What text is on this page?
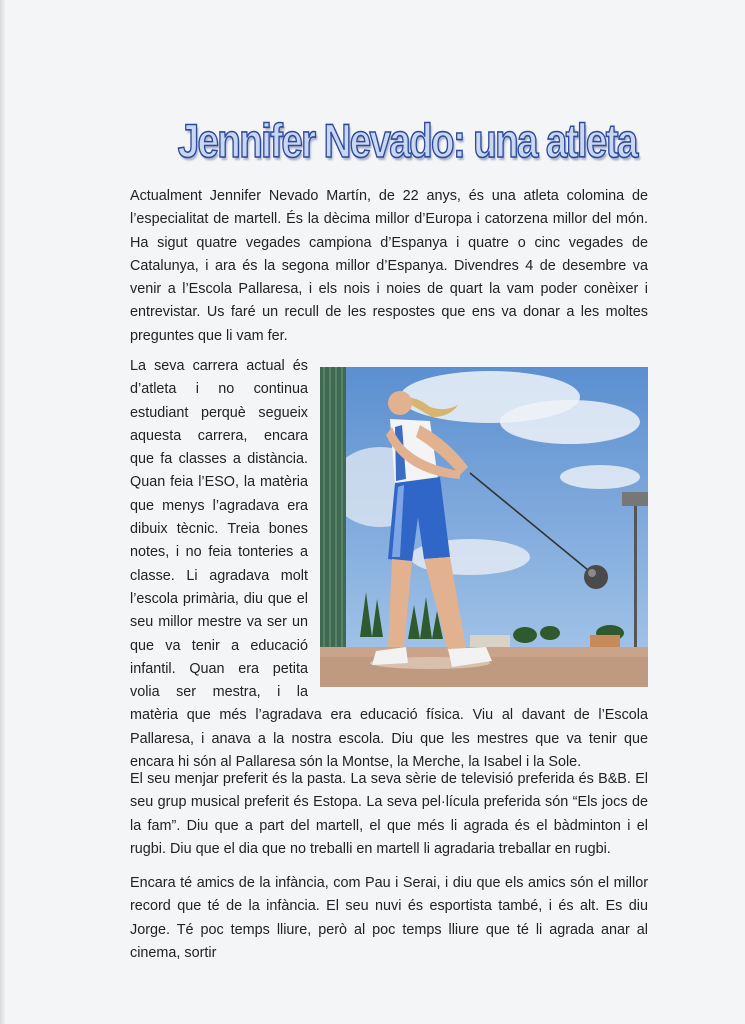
Jennifer Nevado: una atleta

Actualment Jennifer Nevado Martín, de 22 anys, és una atleta colomina de l’especialitat de martell. És la dècima millor d’Europa i catorzena millor del món. Ha sigut quatre vegades campiona d’Espanya i quatre o cinc vegades de Catalunya, i ara és la segona millor d’Espanya. Divendres 4 de desembre va venir a l’Escola Pallaresa, i els nois i noies de quart la vam poder conèixer i entrevistar. Us faré un recull de les respostes que ens va donar a les moltes preguntes que li vam fer.

La seva carrera actual és d’atleta i no continua estudiant perquè segueix aquesta carrera, encara que fa classes a distància. Quan feia l’ESO, la matèria que menys l’agradava era dibuix tècnic. Treia bones notes, i no feia tonteries a classe. Li agradava molt l’escola primària, diu que el seu millor mestre va ser un que va tenir a educació infantil. Quan era petita volia ser mestra, i la matèria que més l’agradava era educació física. Viu al davant de l’Escola Pallaresa, i anava a la nostra escola. Diu que les mestres que va tenir que encara hi són al Pallaresa són la Montse, la Merche, la Isabel i la Sole.

El seu menjar preferit és la pasta. La seva sèrie de televisió preferida és B&B. El seu grup musical preferit és Estopa. La seva pel·lícula preferida són “Els jocs de la fam”. Diu que a part del martell, el que més li agrada és el bàdminton i el rugbi. Diu que el dia que no treballi en martell li agradaria treballar en rugbi.

Encara té amics de la infància, com Pau i Serai, i diu que els amics són el millor record que té de la infància. El seu nuvi és esportista també, i és alt. Es diu Jorge. Té poc temps lliure, però al poc temps lliure que té li agrada anar al cinema, sortir
